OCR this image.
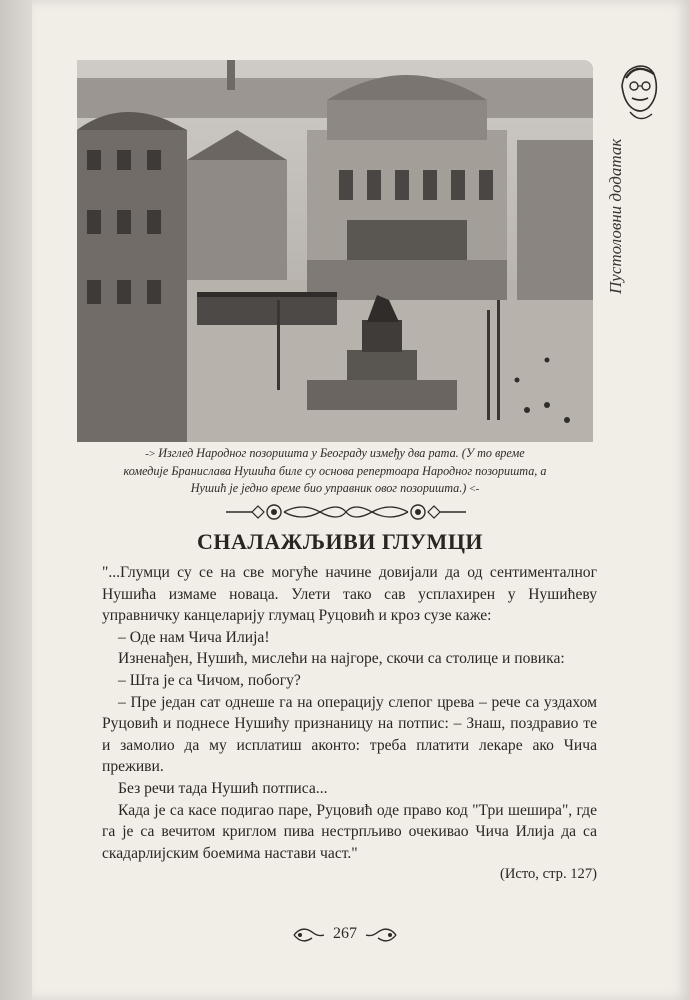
Пустоловни додатак
-> Изглед Народног позоришта у Београду између два рата. (У то време
комедије Бранислава Нушића биле су основа репертоара Народног позоришта, а
Нушић је једно време био управник овог позоришта.) <-
СНАЛАЖЉИВИ ГЛУМЦИ

"...Глумци су се на све могуће начине довијали да од сентименталног Нушића измаме новаца. Улети тако сав усплахирен у Нушићеву управничку канцеларију глумац Руцовић и кроз сузе каже:

– Оде нам Чича Илија!

Изненађен, Нушић, мислећи на најгоре, скочи са столице и повика:

– Шта је са Чичом, побогу?

– Пре један сат однеше га на операцију слепог црева – рече са уздахом Руцовић и поднесе Нушићу признаницу на потпис: – Знаш, поздравио те и замолио да му исплатиш аконто: треба платити лекаре ако Чича преживи.

Без речи тада Нушић потписа...

Када је са касе подигао паре, Руцовић оде право код "Три шешира", где га је са вечитом криглом пива нестрпљиво очекивао Чича Илија да са скадарлијским боемима настави част."

(Исто, стр. 127)
267
